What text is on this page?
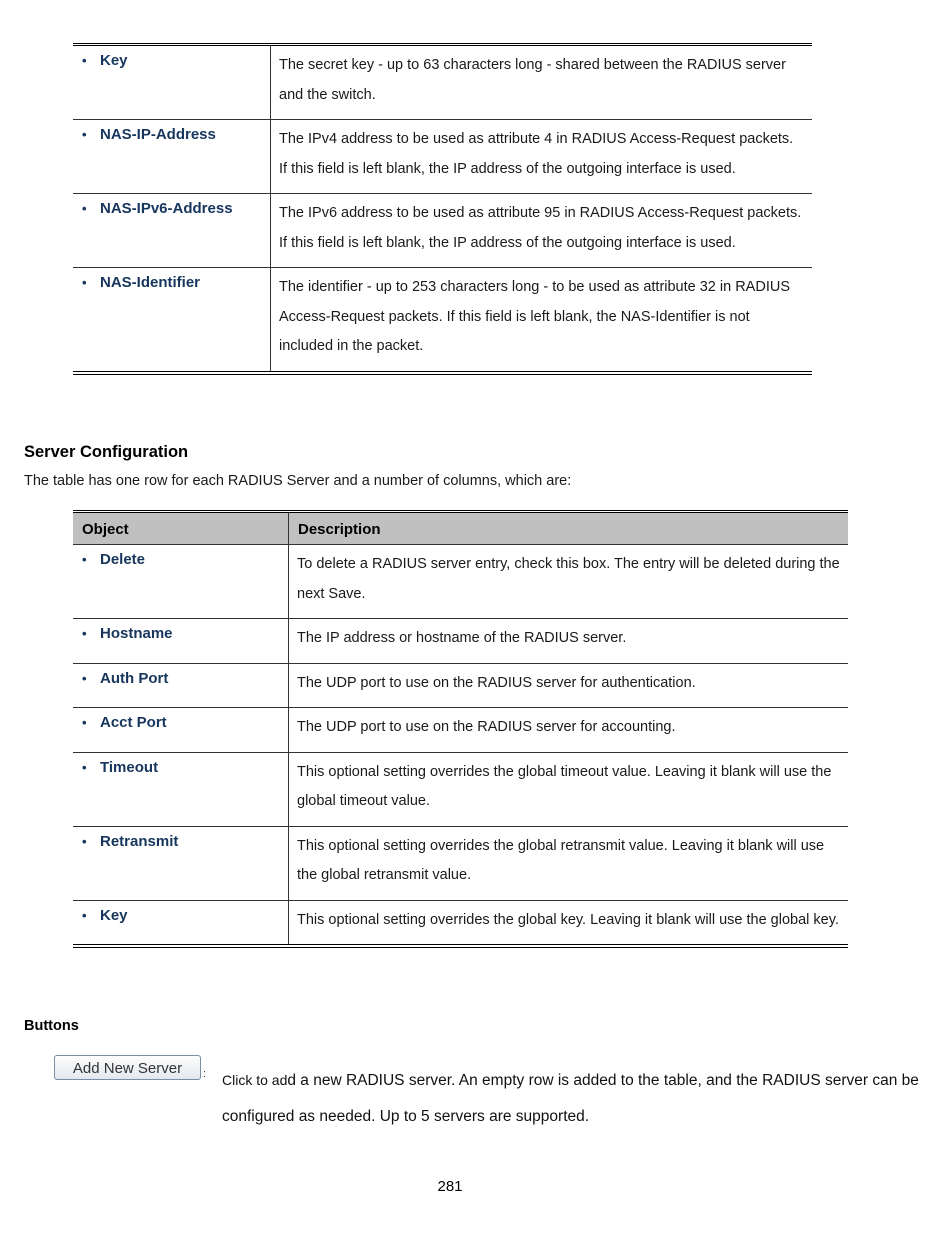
• Key	The secret key - up to 63 characters long - shared between the RADIUS server and the switch.

• NAS-IP-Address	The IPv4 address to be used as attribute 4 in RADIUS Access-Request packets. If this field is left blank, the IP address of the outgoing interface is used.

• NAS-IPv6-Address	The IPv6 address to be used as attribute 95 in RADIUS Access-Request packets. If this field is left blank, the IP address of the outgoing interface is used.

• NAS-Identifier	The identifier - up to 253 characters long - to be used as attribute 32 in RADIUS Access-Request packets. If this field is left blank, the NAS-Identifier is not included in the packet.
Server Configuration
The table has one row for each RADIUS Server and a number of columns, which are:
Object	Description

• Delete	To delete a RADIUS server entry, check this box. The entry will be deleted during the next Save.

• Hostname	The IP address or hostname of the RADIUS server.

• Auth Port	The UDP port to use on the RADIUS server for authentication.

• Acct Port	The UDP port to use on the RADIUS server for accounting.

• Timeout	This optional setting overrides the global timeout value. Leaving it blank will use the global timeout value.

• Retransmit	This optional setting overrides the global retransmit value. Leaving it blank will use the global retransmit value.

• Key	This optional setting overrides the global key. Leaving it blank will use the global key.
Buttons
Add New Server	: Click to add a new RADIUS server. An empty row is added to the table, and the RADIUS server can be configured as needed. Up to 5 servers are supported.
281
